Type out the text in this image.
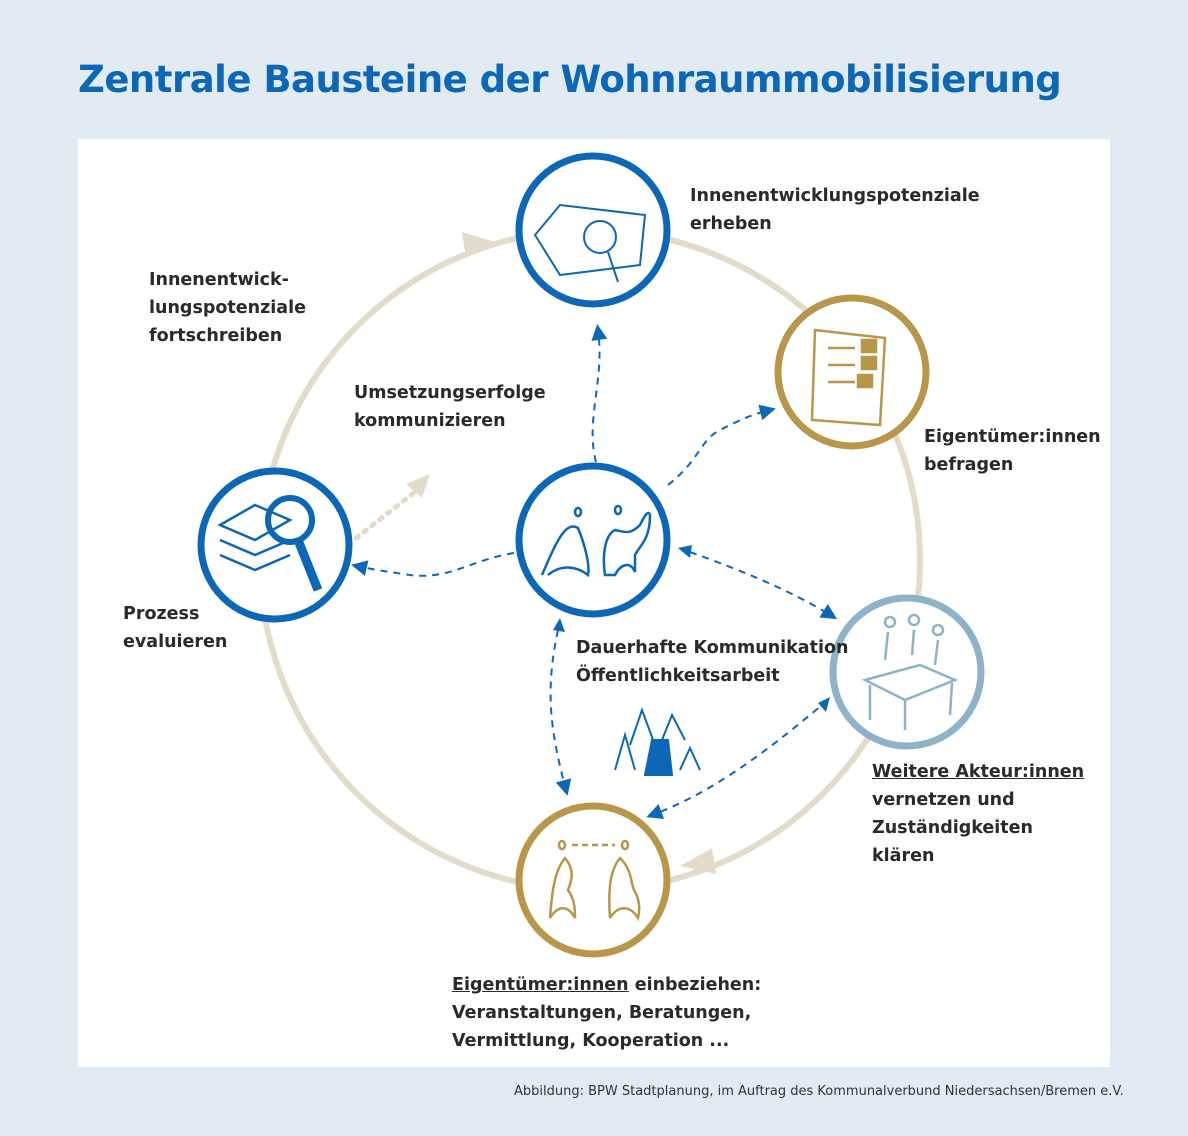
Zentrale Bausteine der Wohnraummobilisierung
Innenentwicklungspotenziale
erheben
Eigentümer:innen
befragen
Weitere Akteur:innen
vernetzen und
Zuständigkeiten
klären
Eigentümer:innen einbeziehen:
Veranstaltungen, Beratungen,
Vermittlung, Kooperation ...
Prozess
evaluieren
Innenentwick-
lungspotenziale
fortschreiben
Umsetzungserfolge
kommunizieren
Dauerhafte Kommunikation
Öffentlichkeitsarbeit
Abbildung: BPW Stadtplanung, im Auftrag des Kommunalverbund Niedersachsen/Bremen e.V.
